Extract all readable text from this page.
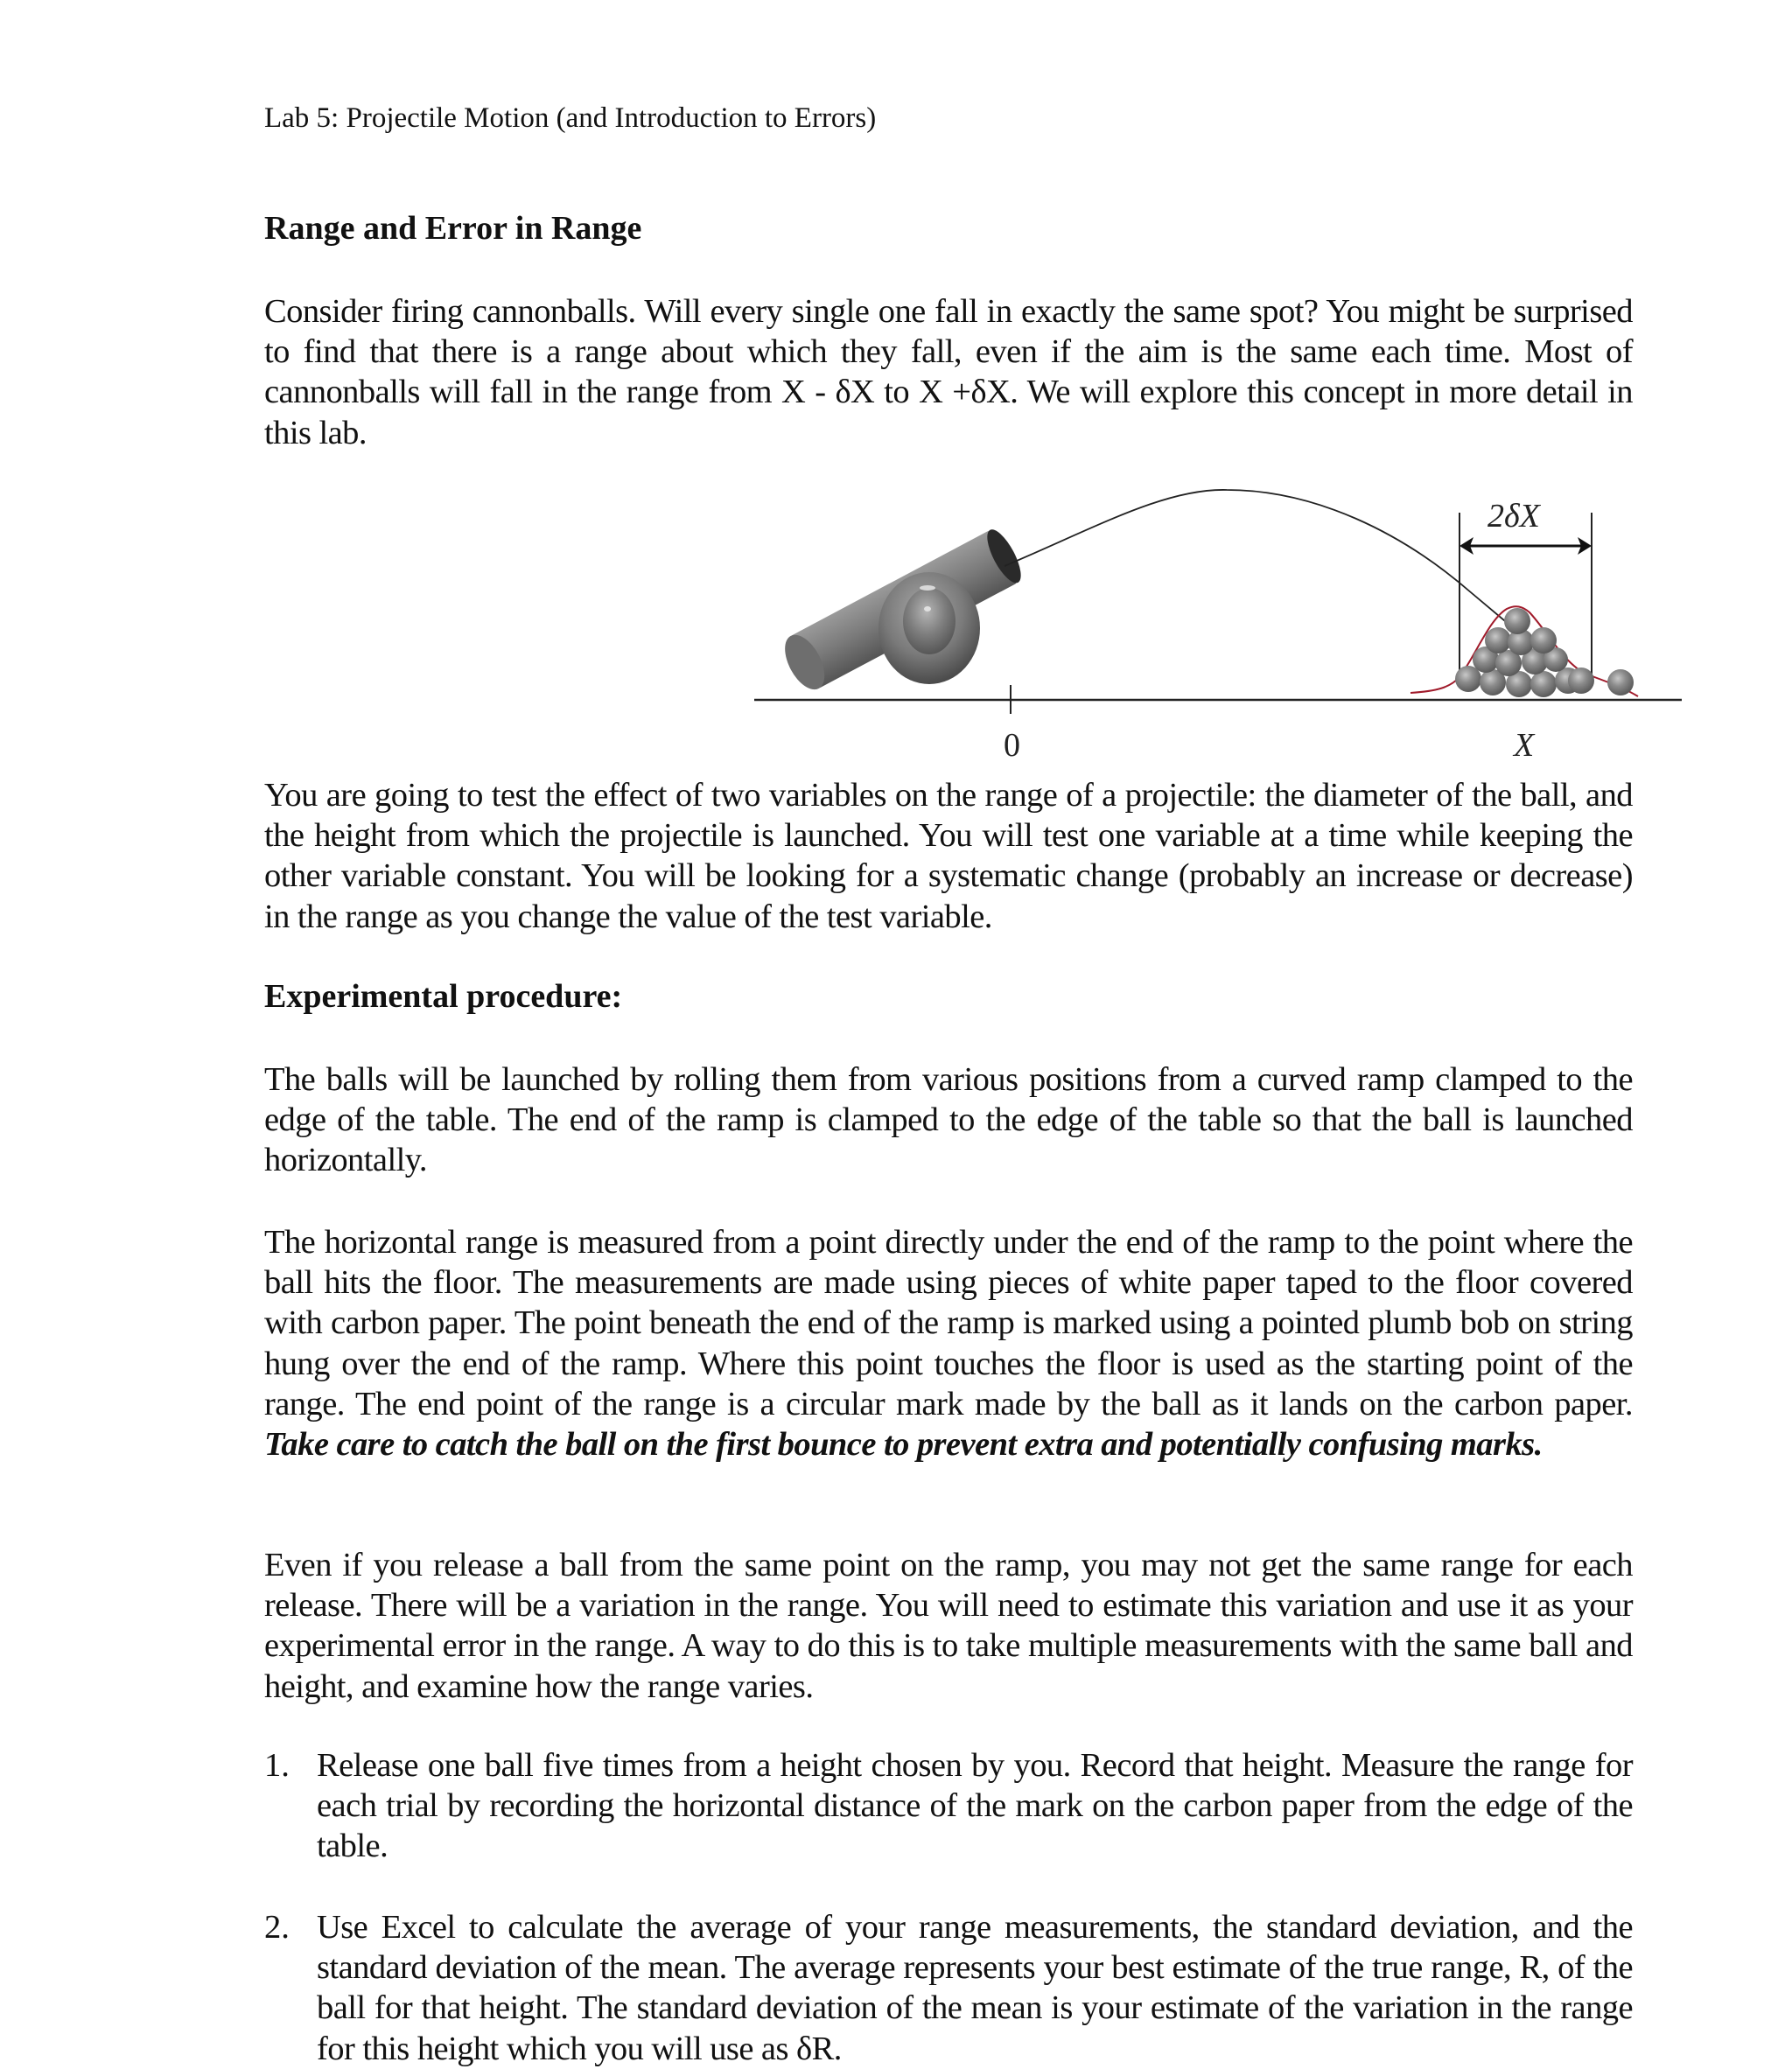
Lab 5: Projectile Motion (and Introduction to Errors)
Range and Error in Range
Consider firing cannonballs. Will every single one fall in exactly the same spot? You might be surprised to find that there is a range about which they fall, even if the aim is the same each time. Most of cannonballs will fall in the range from X - δX to X +δX. We will explore this concept in more detail in this lab.
You are going to test the effect of two variables on the range of a projectile: the diameter of the ball, and the height from which the projectile is launched. You will test one variable at a time while keeping the other variable constant. You will be looking for a systematic change (probably an increase or decrease) in the range as you change the value of the test variable.
Experimental procedure:
The balls will be launched by rolling them from various positions from a curved ramp clamped to the edge of the table. The end of the ramp is clamped to the edge of the table so that the ball is launched horizontally.
The horizontal range is measured from a point directly under the end of the ramp to the point where the ball hits the floor. The measurements are made using pieces of white paper taped to the floor covered with carbon paper. The point beneath the end of the ramp is marked using a pointed plumb bob on string hung over the end of the ramp. Where this point touches the floor is used as the starting point of the range. The end point of the range is a circular mark made by the ball as it lands on the carbon paper. Take care to catch the ball on the first bounce to prevent extra and potentially confusing marks.
Even if you release a ball from the same point on the ramp, you may not get the same range for each release. There will be a variation in the range. You will need to estimate this variation and use it as your experimental error in the range. A way to do this is to take multiple measurements with the same ball and height, and examine how the range varies.
1. Release one ball five times from a height chosen by you. Record that height. Measure the range for each trial by recording the horizontal distance of the mark on the carbon paper from the edge of the table.
2. Use Excel to calculate the average of your range measurements, the standard deviation, and the standard deviation of the mean. The average represents your best estimate of the true range, R, of the ball for that height. The standard deviation of the mean is your estimate of the variation in the range for this height which you will use as δR.
0	X
2δX
